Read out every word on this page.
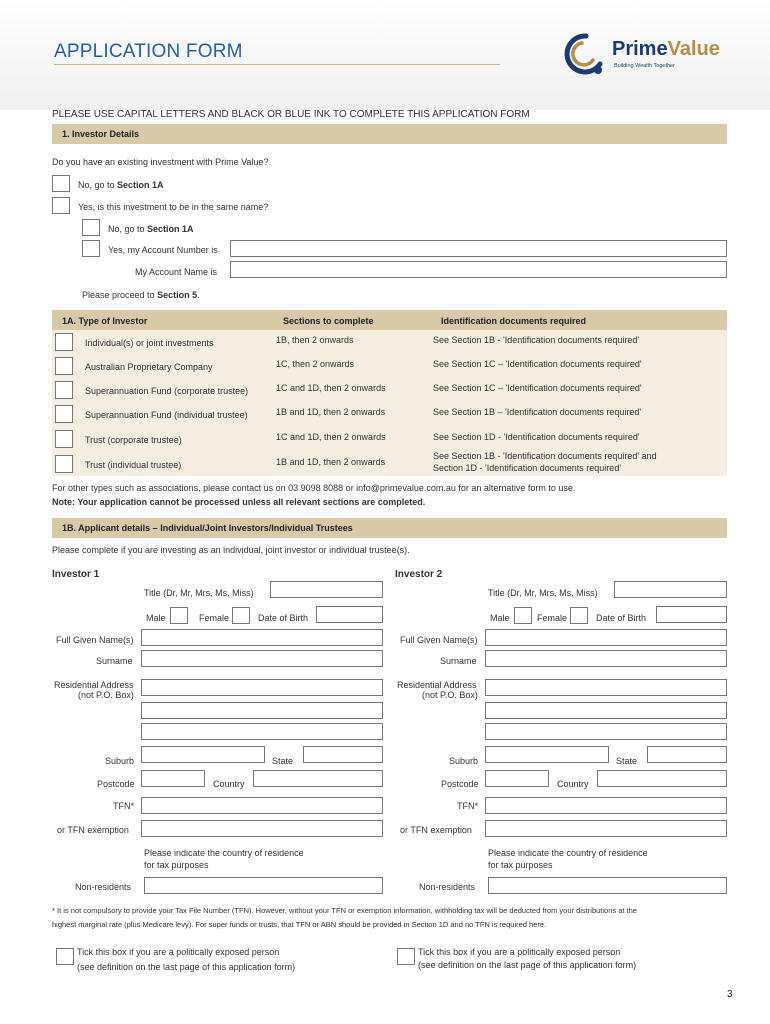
APPLICATION FORM	PrimeValue
Building Wealth Together
PLEASE USE CAPITAL LETTERS AND BLACK OR BLUE INK TO COMPLETE THIS APPLICATION FORM
1. Investor Details
Do you have an existing investment with Prime Value?
No, go to Section 1A
Yes, is this investment to be in the same name?
No, go to Section 1A
Yes, my Account Number is
My Account Name is
Please proceed to Section 5.
1A. Type of Investor	Sections to complete	Identification documents required
Individual(s) or joint investments	1B, then 2 onwards	See Section 1B - 'Identification documents required'
Australian Proprietary Company	1C, then 2 onwards	See Section 1C – 'Identification documents required'
Superannuation Fund (corporate trustee)	1C and 1D, then 2 onwards	See Section 1C – 'Identification documents required'
Superannuation Fund (individual trustee)	1B and 1D, then 2 onwards	See Section 1B – 'Identification documents required'
Trust (corporate trustee)	1C and 1D, then 2 onwards	See Section 1D - 'Identification documents required'
Trust (individual trustee)	1B and 1D, then 2 onwards
See Section 1B - 'Identification documents required' and
Section 1D - 'Identification documents required'
For other types such as associations, please contact us on 03 9098 8088 or info@primevalue.com.au for an alternative form to use.
Note: Your application cannot be processed unless all relevant sections are completed.
1B. Applicant details – Individual/Joint Investors/Individual Trustees
Please complete if you are investing as an individual, joint investor or individual trustee(s).
Investor 1
Title (Dr, Mr, Mrs, Ms, Miss)
Male	Female	Date of Birth
Full Given Name(s)
Surname
Residential Address
(not P.O. Box)
Suburb	State
Postcode	Country
TFN*
or TFN exemption
Please indicate the country of residence
for tax purposes
Non-residents
Investor 2
Title (Dr, Mr, Mrs, Ms, Miss)
Male	Female	Date of Birth
Full Given Name(s)
Surname
Residential Address
(not P.O. Box)
Suburb	State
Postcode	Country
TFN*
or TFN exemption
Please indicate the country of residence
for tax purposes
Non-residents
* It is not compulsory to provide your Tax File Number (TFN). However, without your TFN or exemption information, withholding tax will be deducted from your distributions at the
highest marginal rate (plus Medicare levy). For super funds or trusts, that TFN or ABN should be provided in Section 1D and no TFN is required here.
Tick this box if you are a politically exposed person
(see definition on the last page of this application form)
Tick this box if you are a politically exposed person
(see definition on the last page of this application form)
3
